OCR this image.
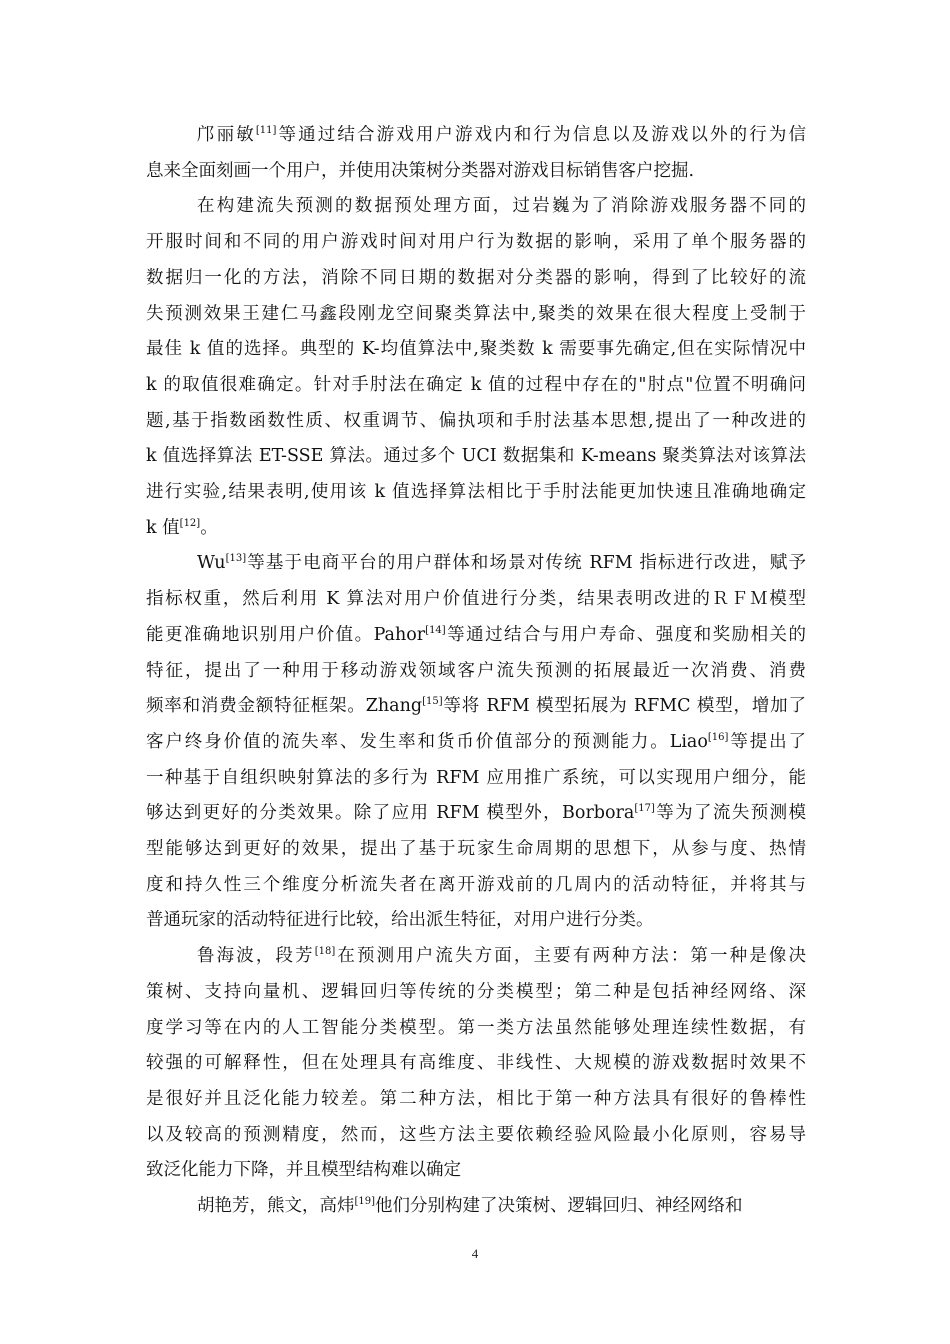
邝丽敏[11]等通过结合游戏用户游戏内和行为信息以及游戏以外的行为信
息来全面刻画一个用户，并使用决策树分类器对游戏目标销售客户挖掘.
在构建流失预测的数据预处理方面，过岩巍为了消除游戏服务器不同的
开服时间和不同的用户游戏时间对用户行为数据的影响，采用了单个服务器的
数据归一化的方法，消除不同日期的数据对分类器的影响，得到了比较好的流
失预测效果王建仁马鑫段刚龙空间聚类算法中,聚类的效果在很大程度上受制于
最佳 k 值的选择。典型的 K-均值算法中,聚类数 k 需要事先确定,但在实际情况中
k 的取值很难确定。针对手肘法在确定 k 值的过程中存在的"肘点"位置不明确问
题,基于指数函数性质、权重调节、偏执项和手肘法基本思想,提出了一种改进的
k 值选择算法 ET-SSE 算法。通过多个 UCI 数据集和 K-means 聚类算法对该算法
进行实验,结果表明,使用该 k 值选择算法相比于手肘法能更加快速且准确地确定
k 值[12]。
Wu[13]等基于电商平台的用户群体和场景对传统 RFM 指标进行改进，赋予
指标权重，然后利用 K 算法对用户价值进行分类，结果表明改进的ＲＦＭ模型
能更准确地识别用户价值。Pahor[14]等通过结合与用户寿命、强度和奖励相关的
特征，提出了一种用于移动游戏领域客户流失预测的拓展最近一次消费、消费
频率和消费金额特征框架。Zhang[15]等将 RFM 模型拓展为 RFMC 模型，增加了
客户终身价值的流失率、发生率和货币价值部分的预测能力。Liao[16]等提出了
一种基于自组织映射算法的多行为 RFM 应用推广系统，可以实现用户细分，能
够达到更好的分类效果。除了应用 RFM 模型外，Borbora[17]等为了流失预测模
型能够达到更好的效果，提出了基于玩家生命周期的思想下，从参与度、热情
度和持久性三个维度分析流失者在离开游戏前的几周内的活动特征，并将其与
普通玩家的活动特征进行比较，给出派生特征，对用户进行分类。
鲁海波，段芳[18]在预测用户流失方面，主要有两种方法：第一种是像决
策树、支持向量机、逻辑回归等传统的分类模型；第二种是包括神经网络、深
度学习等在内的人工智能分类模型。第一类方法虽然能够处理连续性数据，有
较强的可解释性，但在处理具有高维度、非线性、大规模的游戏数据时效果不
是很好并且泛化能力较差。第二种方法，相比于第一种方法具有很好的鲁棒性
以及较高的预测精度，然而，这些方法主要依赖经验风险最小化原则，容易导
致泛化能力下降，并且模型结构难以确定
胡艳芳，熊文，高炜[19]他们分别构建了决策树、逻辑回归、神经网络和
4
